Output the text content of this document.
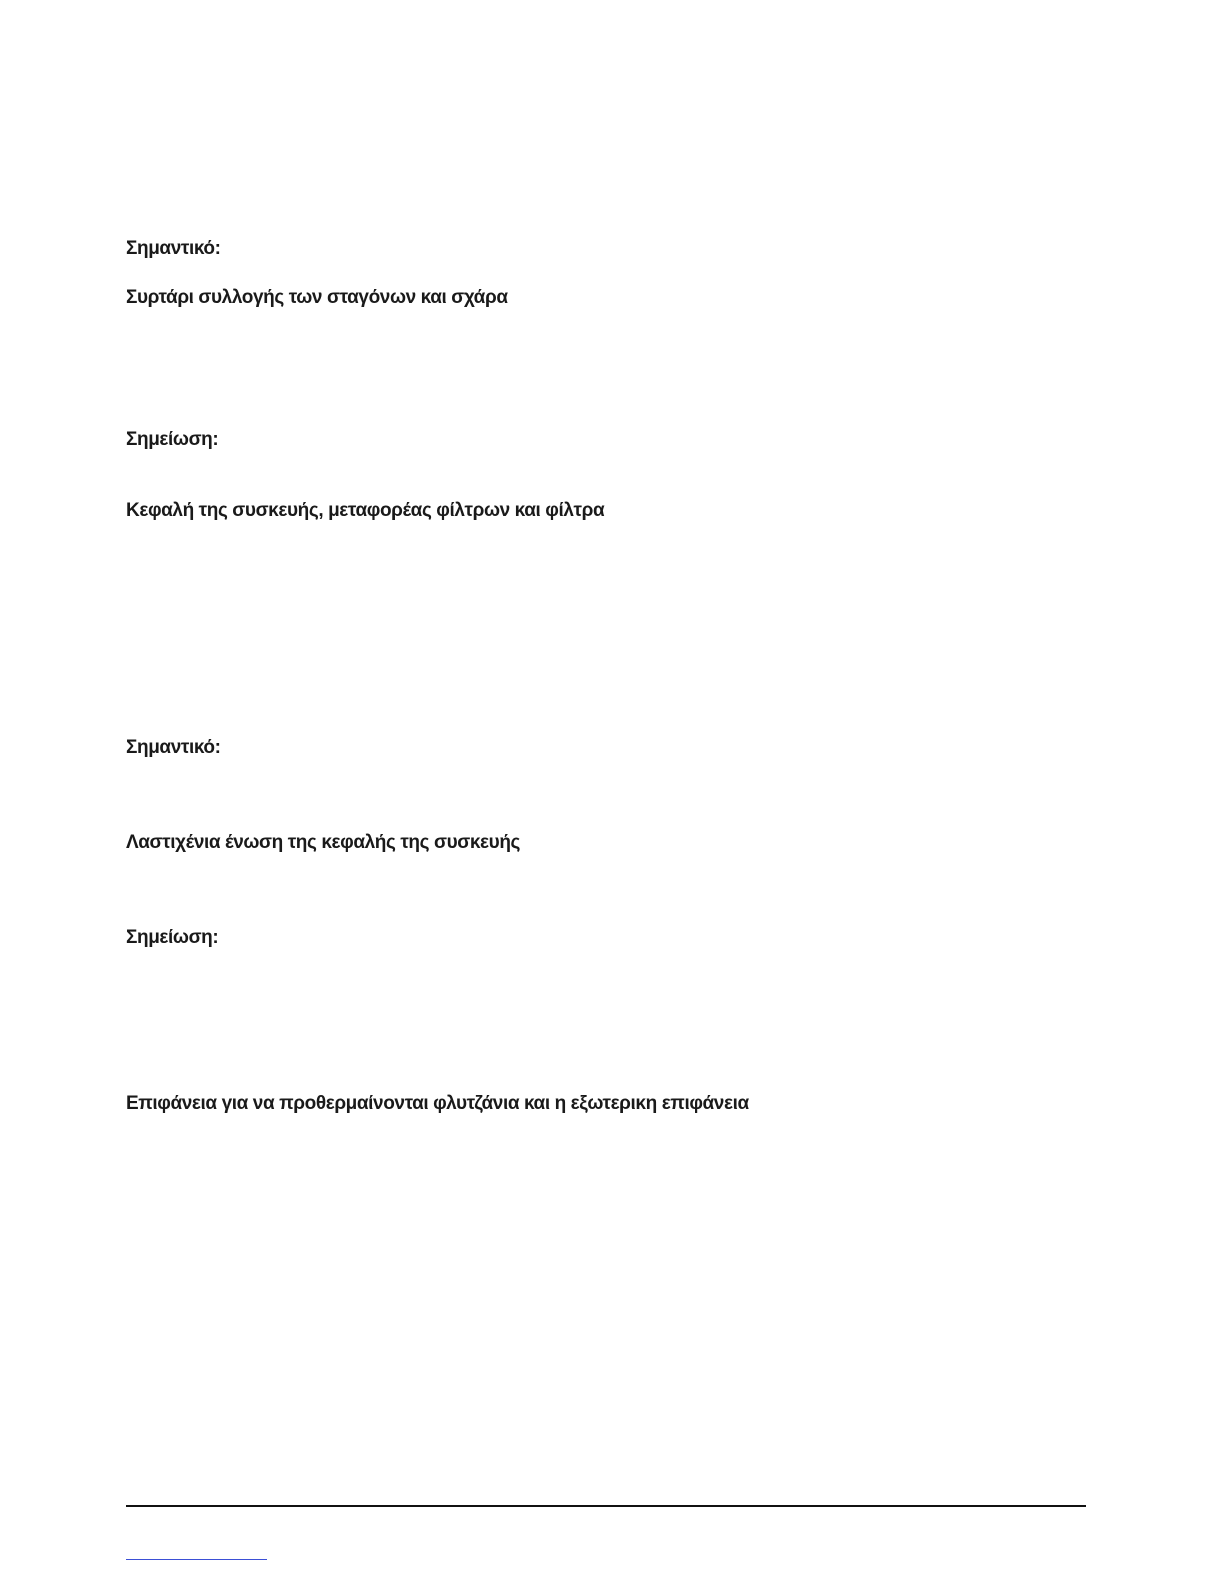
Σημαντικό:
Συρτάρι συλλογής των σταγόνων και σχάρα
Σημείωση:
Κεφαλή της συσκευής, μεταφορέας φίλτρων και φίλτρα
Σημαντικό:
Λαστιχένια ένωση της κεφαλής της συσκευής
Σημείωση:
Επιφάνεια για να προθερμαίνονται φλυτζάνια και η εξωτερικη επιφάνεια
